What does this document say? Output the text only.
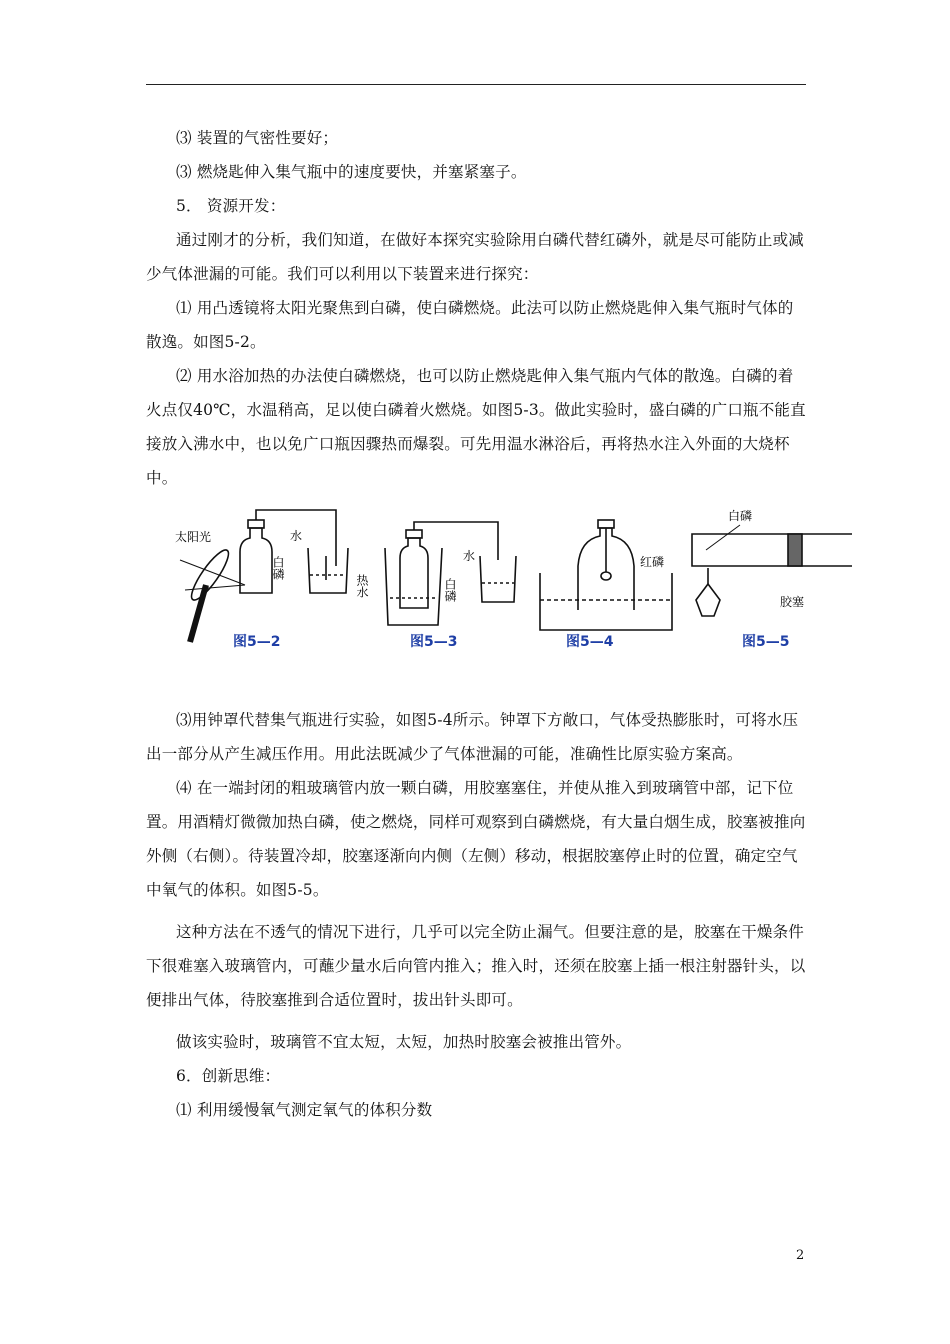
⑶ 装置的气密性要好；
⑶ 燃烧匙伸入集气瓶中的速度要快，并塞紧塞子。
5． 资源开发：
通过刚才的分析，我们知道，在做好本探究实验除用白磷代替红磷外，就是尽可能防止或减少气体泄漏的可能。我们可以利用以下装置来进行探究：
⑴ 用凸透镜将太阳光聚焦到白磷，使白磷燃烧。此法可以防止燃烧匙伸入集气瓶时气体的散逸。如图5-2。
⑵ 用水浴加热的办法使白磷燃烧，也可以防止燃烧匙伸入集气瓶内气体的散逸。白磷的着火点仅40℃，水温稍高，足以使白磷着火燃烧。如图5-3。做此实验时，盛白磷的广口瓶不能直接放入沸水中，也以免广口瓶因骤热而爆裂。可先用温水淋浴后，再将热水注入外面的大烧杯中。
太阳光	水
白磷
图5—2
水
热水	白磷
图5—3
红磷
图5—4
白磷
胶塞
图5—5
⑶用钟罩代替集气瓶进行实验，如图5-4所示。钟罩下方敞口，气体受热膨胀时，可将水压出一部分从产生减压作用。用此法既减少了气体泄漏的可能，准确性比原实验方案高。
⑷ 在一端封闭的粗玻璃管内放一颗白磷，用胶塞塞住，并使从推入到玻璃管中部，记下位置。用酒精灯微微加热白磷，使之燃烧，同样可观察到白磷燃烧，有大量白烟生成，胶塞被推向外侧（右侧）。待装置冷却，胶塞逐渐向内侧（左侧）移动，根据胶塞停止时的位置，确定空气中氧气的体积。如图5-5。
这种方法在不透气的情况下进行，几乎可以完全防止漏气。但要注意的是，胶塞在干燥条件下很难塞入玻璃管内，可蘸少量水后向管内推入；推入时，还须在胶塞上插一根注射器针头，以便排出气体，待胶塞推到合适位置时，拔出针头即可。
做该实验时，玻璃管不宜太短，太短，加热时胶塞会被推出管外。
6．创新思维：
⑴ 利用缓慢氧气测定氧气的体积分数
2
